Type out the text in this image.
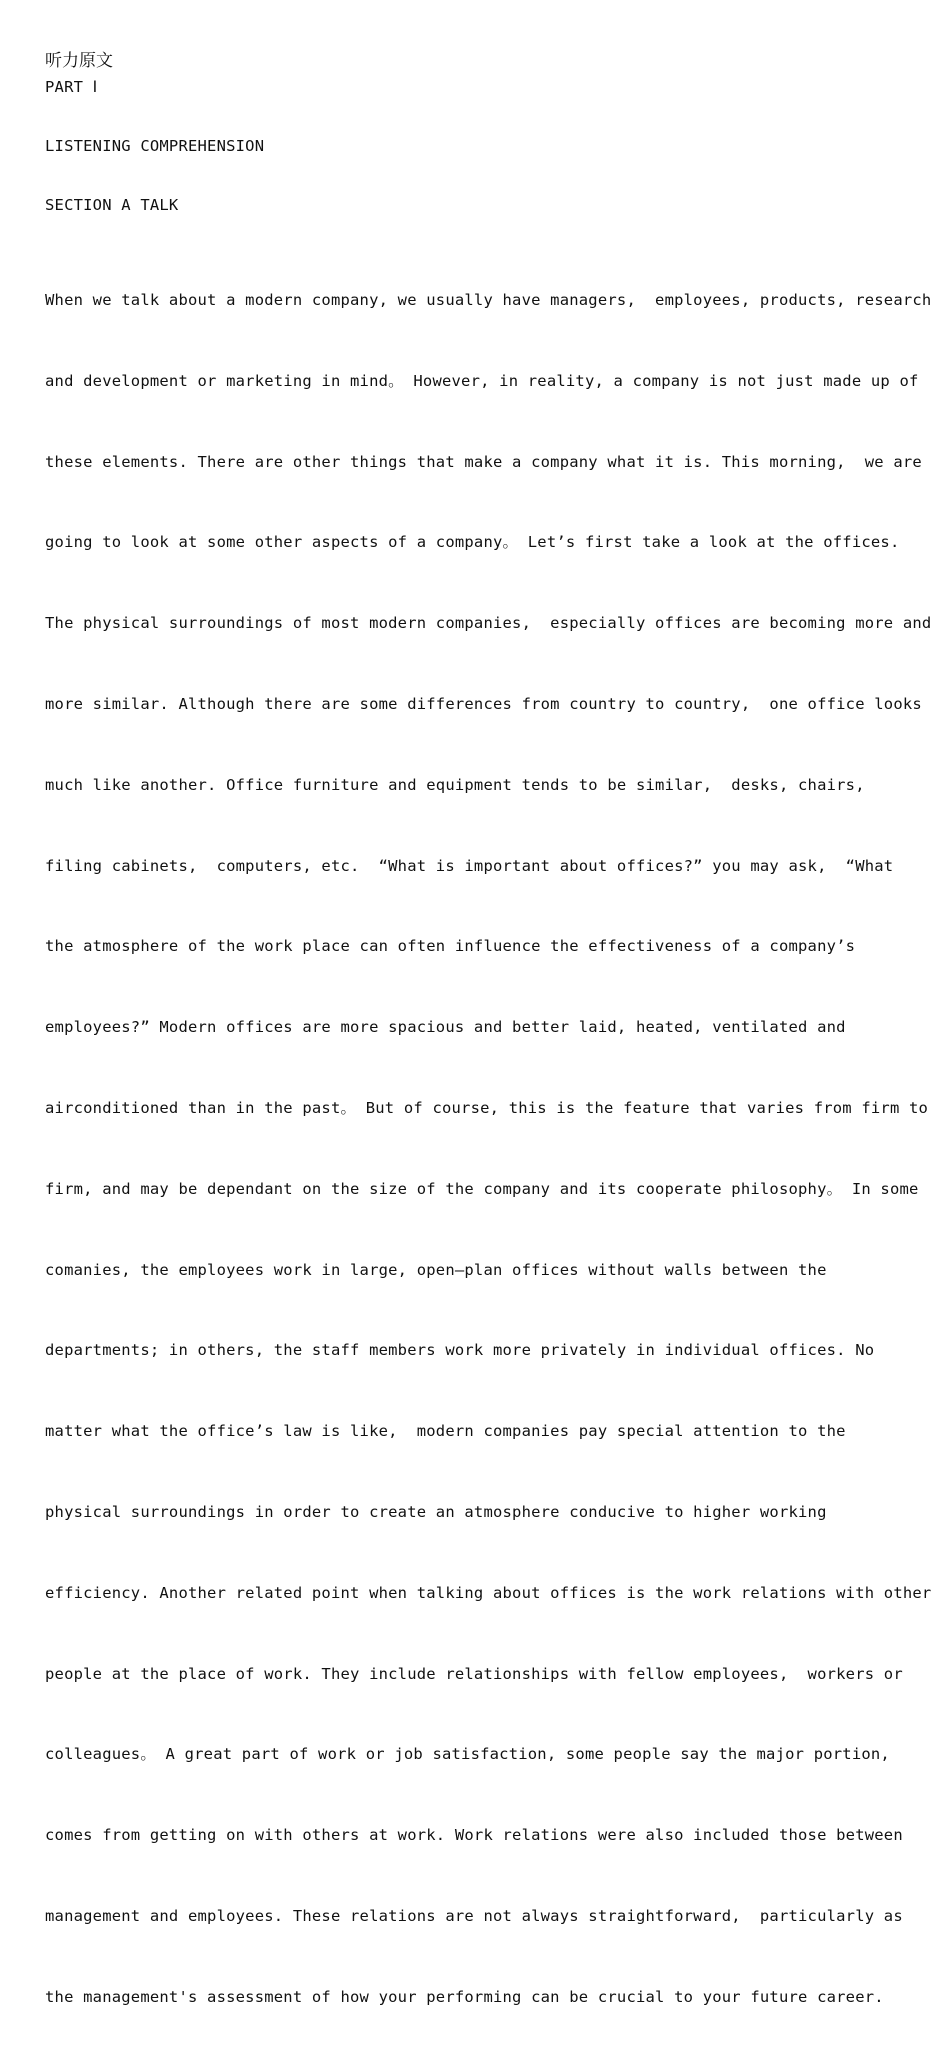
听力原文
PART Ⅰ
LISTENING COMPREHENSION
SECTION A TALK

When we talk about a modern company, we usually have managers,  employees, products, research

and development or marketing in mind。 However, in reality, a company is not just made up of

these elements. There are other things that make a company what it is. This morning,  we are

going to look at some other aspects of a company。 Let’s first take a look at the offices.

The physical surroundings of most modern companies,  especially offices are becoming more and

more similar. Although there are some differences from country to country,  one office looks

much like another. Office furniture and equipment tends to be similar,  desks, chairs,

filing cabinets,  computers, etc.  “What is important about offices?” you may ask,  “What

the atmosphere of the work place can often influence the effectiveness of a company’s

employees?” Modern offices are more spacious and better laid, heated, ventilated and

airconditioned than in the past。 But of course, this is the feature that varies from firm to

firm, and may be dependant on the size of the company and its cooperate philosophy。 In some

comanies, the employees work in large, open—plan offices without walls between the

departments; in others, the staff members work more privately in individual offices. No

matter what the office’s law is like,  modern companies pay special attention to the

physical surroundings in order to create an atmosphere conducive to higher working

efficiency. Another related point when talking about offices is the work relations with other

people at the place of work. They include relationships with fellow employees,  workers or

colleagues。 A great part of work or job satisfaction, some people say the major portion,

comes from getting on with others at work. Work relations were also included those between

management and employees. These relations are not always straightforward,  particularly as

the management's assessment of how your performing can be crucial to your future career.
